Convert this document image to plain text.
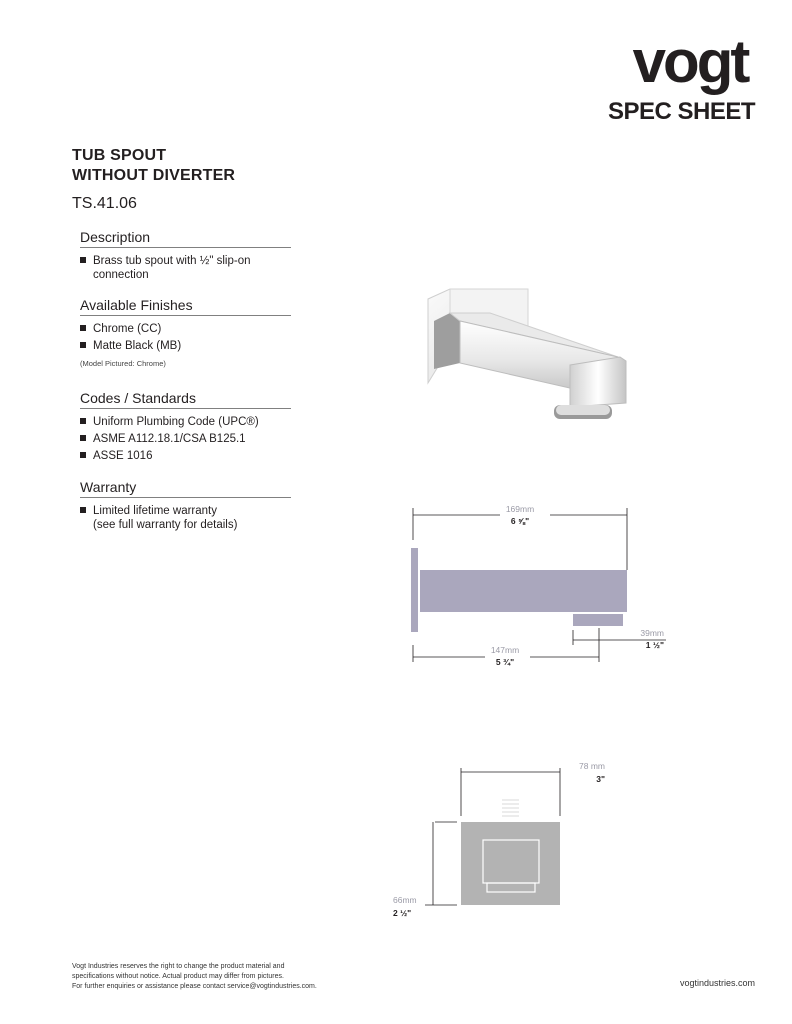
vogt
SPEC SHEET
TUB SPOUT
WITHOUT DIVERTER
TS.41.06
Description
Brass tub spout with ½" slip-on connection
Available Finishes
Chrome (CC)
Matte Black (MB)
(Model Pictured: Chrome)
Codes / Standards
Uniform Plumbing Code (UPC®)
ASME A112.18.1/CSA B125.1
ASSE 1016
Warranty
Limited lifetime warranty
(see full warranty for details)
169mm
6 ⅝"
39mm
1 ½"
147mm
5 ¾"
78 mm
3"
66mm
2 ½"
Vogt Industries reserves the right to change the product material and
specifications without notice. Actual product may differ from pictures.
For further enquiries or assistance please contact service@vogtindustries.com.	vogtindustries.com
